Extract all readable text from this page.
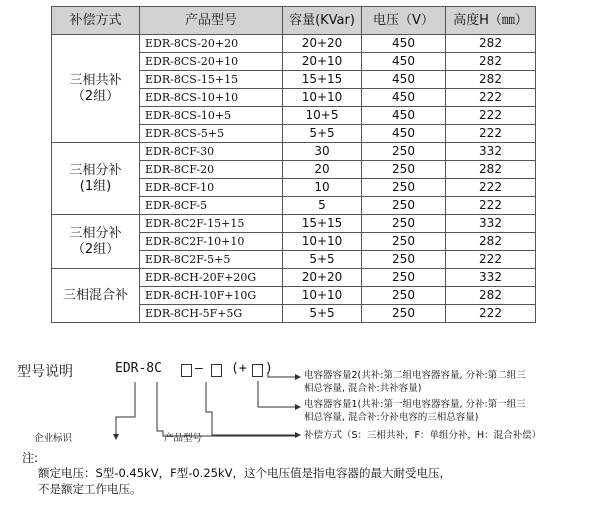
补偿方式	产品型号	容量(KVar)	电压（V）	高度H（㎜）

三相共补
（2组）	EDR-8CS-20+20	20+20	450	282
	EDR-8CS-20+10	20+10	450	282
	EDR-8CS-15+15	15+15	450	282
	EDR-8CS-10+10	10+10	450	222
	EDR-8CS-10+5	10+5	450	222
	EDR-8CS-5+5	5+5	450	222

三相分补
(1组)	EDR-8CF-30	30	250	332
	EDR-8CF-20	20	250	282
	EDR-8CF-10	10	250	222
	EDR-8CF-5	5	250	222

三相分补
（2组）	EDR-8C2F-15+15	15+15	250	332
	EDR-8C2F-10+10	10+10	250	282
	EDR-8C2F-5+5	5+5	250	222

三相混合补	EDR-8CH-20F+20G	20+20	250	332
	EDR-8CH-10F+10G	10+10	250	282
	EDR-8CH-5F+5G	5+5	250	222
型号说明	EDR-8C	— (+ )	电容器容量2(共补:第二组电容器容量, 分补:第二组三
相总容量, 混合补:共补容量)
电容器容量1(共补:第一组电容器容量, 分补:第一组三
相总容量, 混合补:分补电容的三相总容量)
补偿方式（S：三相共补，F：单组分补，H：混合补偿）
企业标识	产品型号
注:
额定电压：S型-0.45kV，F型-0.25kV，这个电压值是指电容器的最大耐受电压，
不是额定工作电压。
